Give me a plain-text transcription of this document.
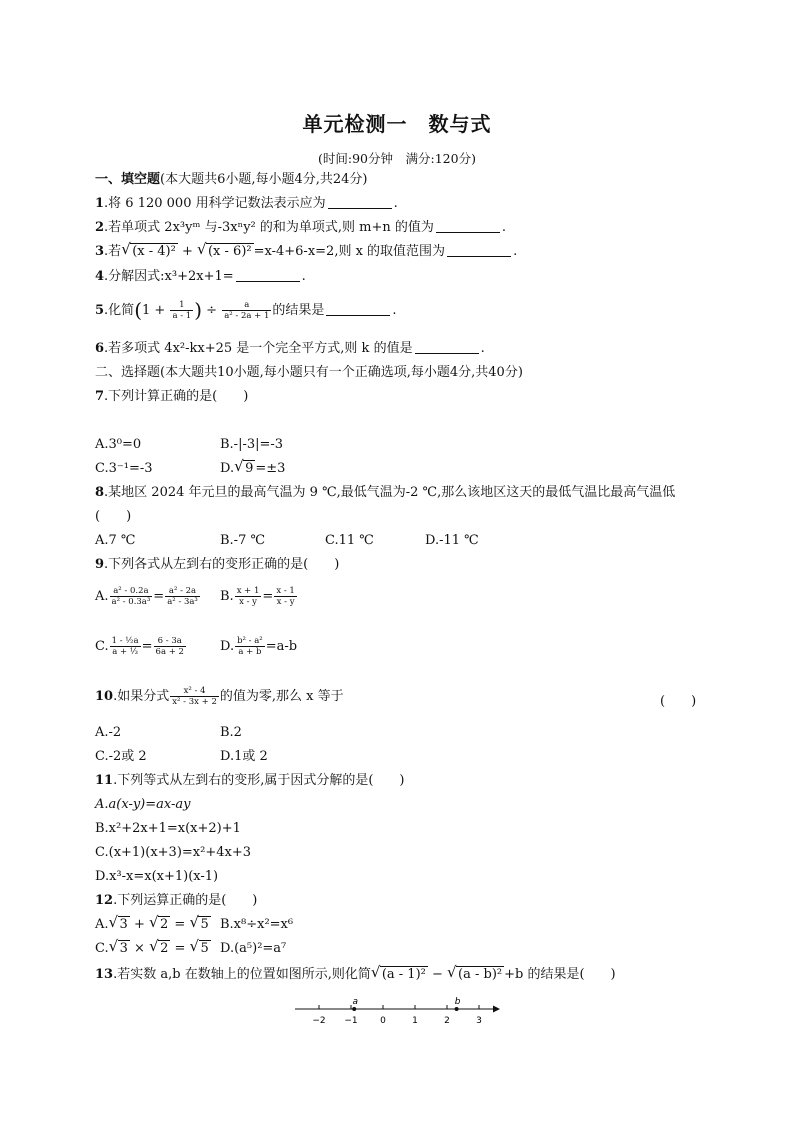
单元检测一　数与式
(时间:90分钟　满分:120分)
一、填空题(本大题共6小题,每小题4分,共24分)
1.将 6 120 000 用科学记数法表示应为	.
2.若单项式 2x³yᵐ 与-3xⁿy² 的和为单项式,则 m+n 的值为	.
3.若 √ (x - 4)² + √ (x - 6)² =x-4+6-x=2,则 x 的取值范围为	.
4.分解因式:x³+2x+1=	.
5.化简($1 + \frac{1}{a - 1}$ ) ÷ $\frac{a}{\text{a² - 2a + 1}}$ 的结果是	.
6.若多项式 4x²-kx+25 是一个完全平方式,则 k 的值是	.
二、选择题(本大题共10小题,每小题只有一个正确选项,每小题4分,共40分)
7.下列计算正确的是(　　)
A.3⁰=0	B.-|-3|=-3
C.3⁻¹=-3	D. √ 9 =±3
8.某地区 2024 年元旦的最高气温为 9 ℃,最低气温为-2 ℃,那么该地区这天的最低气温比最高气温低
(　　)
A.7 ℃	B.-7 ℃	C.11 ℃	D.-11 ℃
9.下列各式从左到右的变形正确的是(　　)
A. $\frac{\text{a² - 0.2a}}{\text{a² - 0.3a³}} = \frac{\text{a² - 2a}}{\text{a² - 3a³}} B$. $\frac{x + 1}{x - y} = \frac{x - 1}{x - y}$
C. $\frac{\text{1 - ½a}}{\text{a + ⅓}} = \frac{6 - 3a}{6a + 2}$	D. $\frac{\text{b² - a²}}{a + b} =a-b$
10.如果分式 $\frac{\text{x² - 4}}{\text{x² - 3x + 2}}$ 的值为零,那么 x 等于	(　　)
A.-2	B.2
C.-2或 2	D.1或 2
11.下列等式从左到右的变形,属于因式分解的是(　　)
A.a(x-y)=ax-ay
B.x²+2x+1=x(x+2)+1
C.(x+1)(x+3)=x²+4x+3
D.x³-x=x(x+1)(x-1)
12.下列运算正确的是(　　)
A. √ 3 + √ 2 = √ 5 B.x⁸÷x²=x⁶
C. √ 3 × √ 2 = √ 5 D.(a⁵)²=a⁷
13.若实数 a,b 在数轴上的位置如图所示,则化简 √ (a - 1)² − √ (a - b)² +b 的结果是(　　)
−2 −1 0	1	2	3
a	b
